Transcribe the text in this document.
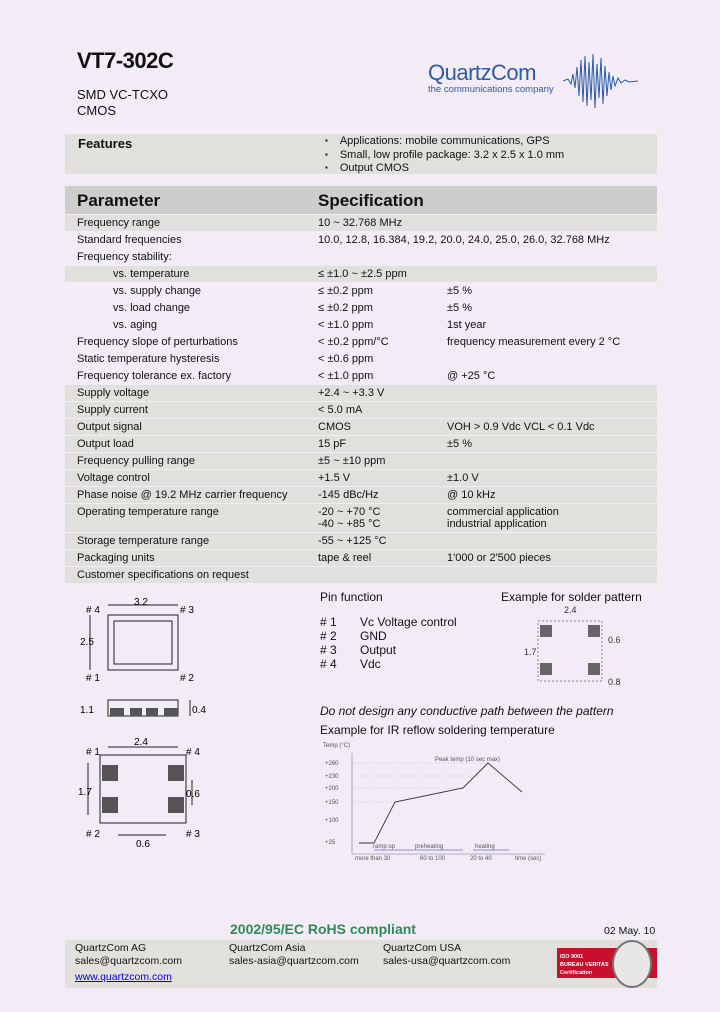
VT7-302C
SMD VC-TCXO
CMOS
QuartzCom
the communications company
Features	▪ Applications: mobile communications, GPS
▪ Small, low profile package: 3.2 x 2.5 x 1.0 mm
▪ Output CMOS
Parameter	Specification
Frequency range	10 ~ 32.768 MHz
Standard frequencies	10.0, 12.8, 16.384, 19.2, 20.0, 24.0, 25.0, 26.0, 32.768 MHz
Frequency stability:
vs. temperature	≤ ±1.0 ~ ±2.5 ppm
vs. supply change	≤ ±0.2 ppm	±5 %
vs. load change	≤ ±0.2 ppm	±5 %
vs. aging	< ±1.0 ppm	1st year
Frequency slope of perturbations	< ±0.2 ppm/°C	frequency measurement every 2 °C
Static temperature hysteresis	< ±0.6 ppm
Frequency tolerance ex. factory	< ±1.0 ppm	@ +25 °C
Supply voltage	+2.4 ~ +3.3 V
Supply current	< 5.0 mA
Output signal	CMOS	VOH > 0.9 Vdc VCL < 0.1 Vdc
Output load	15 pF	±5 %
Frequency pulling range	±5 ~ ±10 ppm
Voltage control	+1.5 V	±1.0 V
Phase noise @ 19.2 MHz carrier frequency	-145 dBc/Hz	@ 10 kHz
Operating temperature range	-20 ~ +70 °C	commercial application
-40 ~ +85 °C	industrial application
Storage temperature range	-55 ~ +125 °C
Packaging units	tape & reel	1'000 or 2'500 pieces
Customer specifications on request
3.2
2.5
1.1	0.4
2.4
1.7	0.6
0.6
# 4	# 3
# 1	# 2
# 1	# 4
# 2	# 3
Pin function
# 1 Vc Voltage control
# 2 GND
# 3 Output
# 4 Vdc
Example for solder pattern
2.4
1.7
0.6
0.8
Do not design any conductive path between the pattern
Example for IR reflow soldering temperature
Temp (°C)
+260
+230
+200
+150
+100
+25
Peak temp (10 sec max)
ramp up	preheating	heating
more than 30	60 to 100	20 to 40	time (sec)
2002/95/EC RoHS compliant	02 May. 10
QuartzCom AG
sales@quartzcom.com
www.quartzcom.com
QuartzCom Asia
sales-asia@quartzcom.com
QuartzCom USA
sales-usa@quartzcom.com	ISO 9001
BUREAU VERITAS
Certification
